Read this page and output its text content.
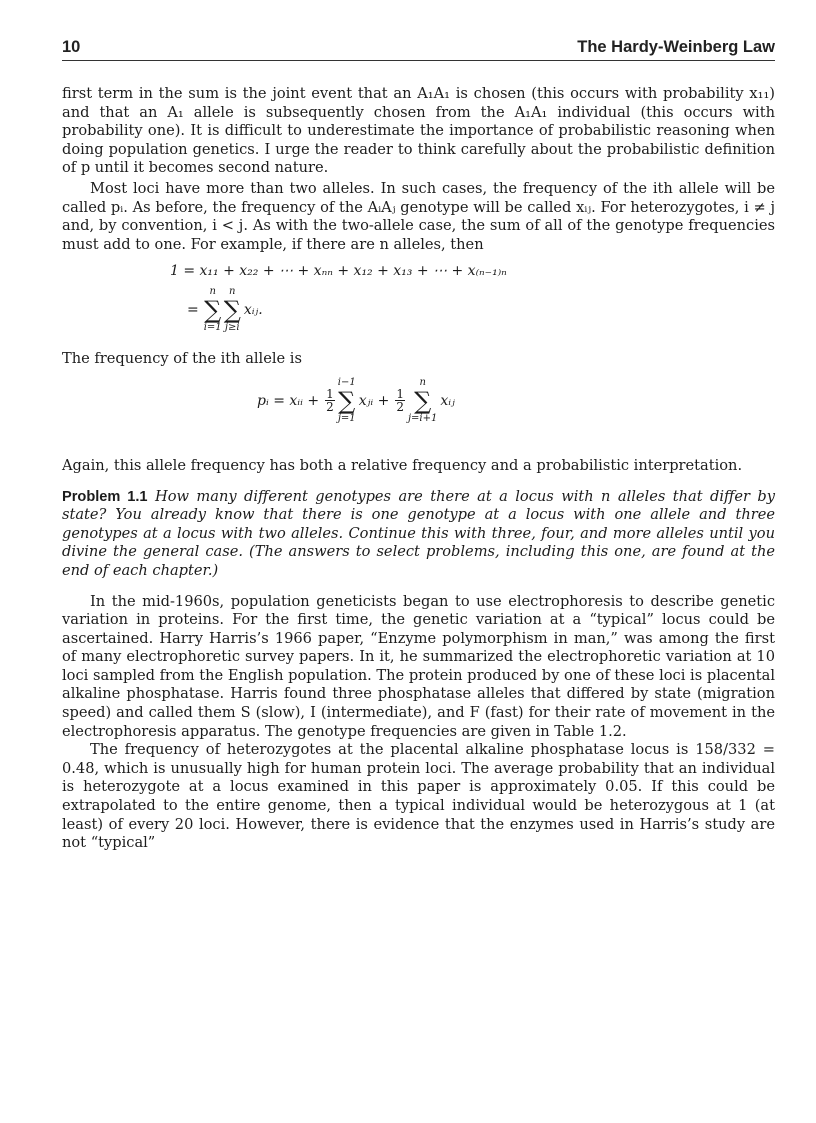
10	The Hardy-Weinberg Law

first term in the sum is the joint event that an A₁A₁ is chosen (this occurs with probability x₁₁) and that an A₁ allele is subsequently chosen from the A₁A₁ individual (this occurs with probability one). It is difficult to underestimate the importance of probabilistic reasoning when doing population genetics. I urge the reader to think carefully about the probabilistic definition of p until it becomes second nature.

Most loci have more than two alleles. In such cases, the frequency of the ith allele will be called pᵢ. As before, the frequency of the AᵢAⱼ genotype will be called xᵢⱼ. For heterozygotes, i ≠ j and, by convention, i < j. As with the two-allele case, the sum of all of the genotype frequencies must add to one. For example, if there are n alleles, then

1 = x₁₁ + x₂₂ + ⋯ + xₙₙ + x₁₂ + x₁₃ + ⋯ + x₍ₙ₋₁₎ₙ
=
n
∑
i=1
n
∑
j≥i
xᵢⱼ.

The frequency of the ith allele is

pᵢ = xᵢᵢ + $\frac{1}{2}$
i−1
∑
j=1
xⱼᵢ + $\frac{1}{2}$
n
∑
j=i+1
xᵢⱼ

Again, this allele frequency has both a relative frequency and a probabilistic interpretation.

Problem 1.1 How many different genotypes are there at a locus with n alleles that differ by state? You already know that there is one genotype at a locus with one allele and three genotypes at a locus with two alleles. Continue this with three, four, and more alleles until you divine the general case. (The answers to select problems, including this one, are found at the end of each chapter.)

In the mid-1960s, population geneticists began to use electrophoresis to describe genetic variation in proteins. For the first time, the genetic variation at a “typical” locus could be ascertained. Harry Harris’s 1966 paper, “Enzyme polymorphism in man,” was among the first of many electrophoretic survey papers. In it, he summarized the electrophoretic variation at 10 loci sampled from the English population. The protein produced by one of these loci is placental alkaline phosphatase. Harris found three phosphatase alleles that differed by state (migration speed) and called them S (slow), I (intermediate), and F (fast) for their rate of movement in the electrophoresis apparatus. The genotype frequencies are given in Table 1.2.

The frequency of heterozygotes at the placental alkaline phosphatase locus is 158/332 = 0.48, which is unusually high for human protein loci. The average probability that an individual is heterozygote at a locus examined in this paper is approximately 0.05. If this could be extrapolated to the entire genome, then a typical individual would be heterozygous at 1 (at least) of every 20 loci. However, there is evidence that the enzymes used in Harris’s study are not “typical”
